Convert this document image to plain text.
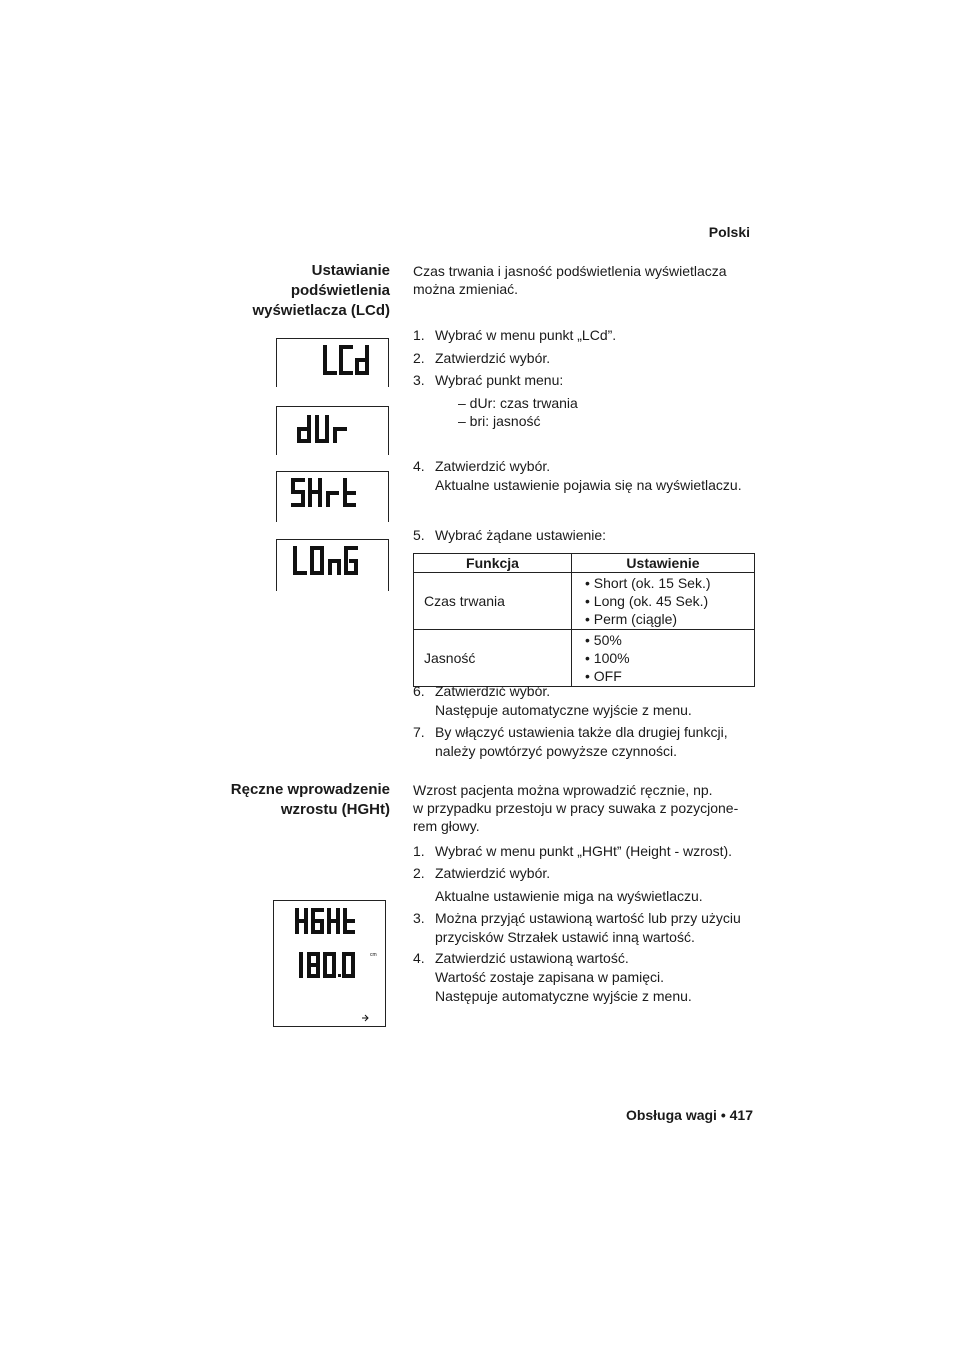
Polski
Ustawianie
podświetlenia
wyświetlacza (LCd)
Czas trwania i jasność podświetlenia wyświetlacza
można zmieniać.
1. Wybrać w menu punkt „LCd”.
2. Zatwierdzić wybór.
3. Wybrać punkt menu:
– dUr: czas trwania
– bri: jasność
4. Zatwierdzić wybór.
Aktualne ustawienie pojawia się na wyświetlaczu.
5. Wybrać żądane ustawienie:
Funkcja	Ustawienie
Czas trwania	• Short (ok. 15 Sek.)
• Long (ok. 45 Sek.)
• Perm (ciągle)

Jasność	• 50%
• 100%
• OFF
6. Zatwierdzić wybór.
Następuje automatyczne wyjście z menu.
7. By włączyć ustawienia także dla drugiej funkcji,
należy powtórzyć powyższe czynności.
Ręczne wprowadzenie
wzrostu (HGHt)
Wzrost pacjenta można wprowadzić ręcznie, np.
w przypadku przestoju w pracy suwaka z pozycjone-
rem głowy.
1. Wybrać w menu punkt „HGHt” (Height - wzrost).
2. Zatwierdzić wybór.
Aktualne ustawienie miga na wyświetlaczu.
3. Można przyjąć ustawioną wartość lub przy użyciu
przycisków Strzałek ustawić inną wartość.
4. Zatwierdzić ustawioną wartość.
Wartość zostaje zapisana w pamięci.
Następuje automatyczne wyjście z menu.
cm
Obsługa wagi • 417
